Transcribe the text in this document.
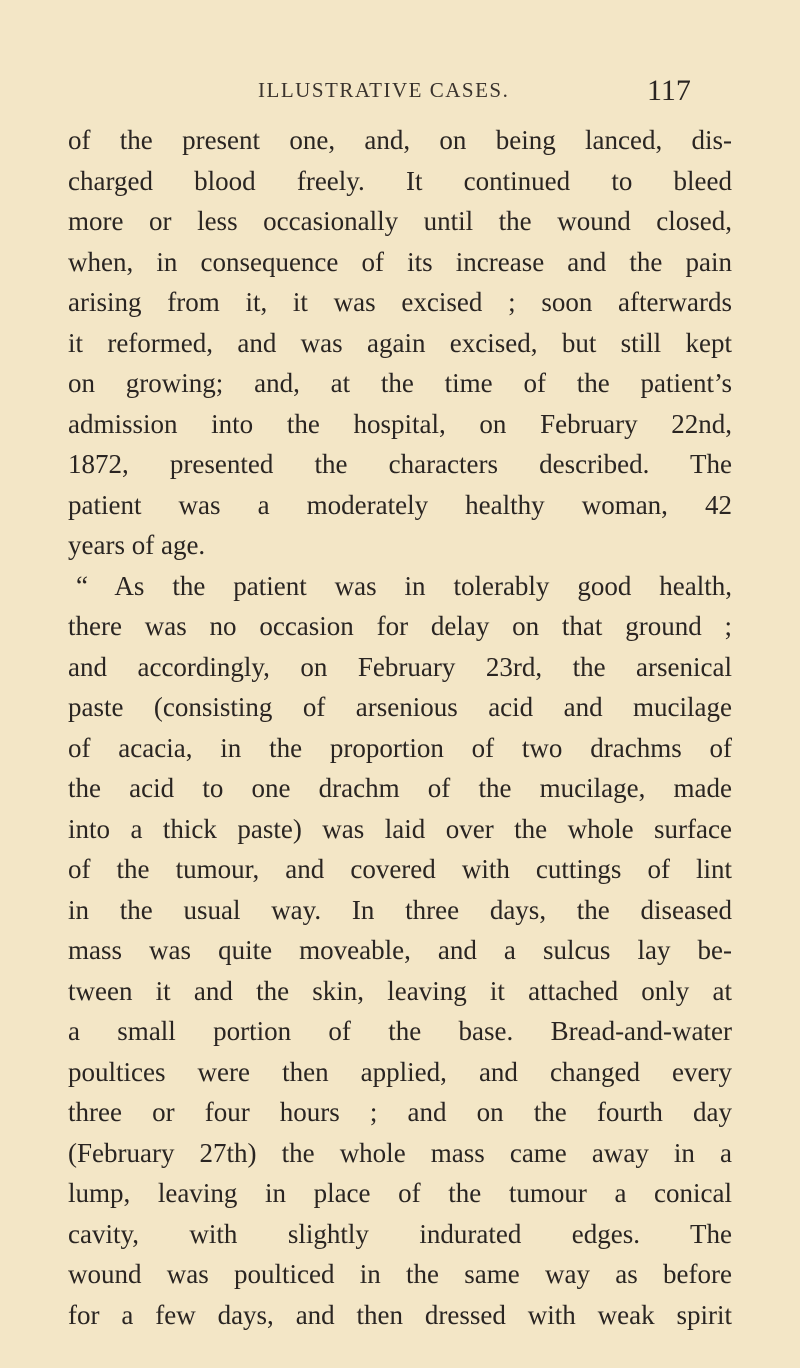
ILLUSTRATIVE CASES.	117
of the present one, and, on being lanced, dis-
charged blood freely. It continued to bleed
more or less occasionally until the wound closed,
when, in consequence of its increase and the pain
arising from it, it was excised ; soon afterwards
it reformed, and was again excised, but still kept
on growing; and, at the time of the patient’s
admission into the hospital, on February 22nd,
1872, presented the characters described. The
patient was a moderately healthy woman, 42
years of age.
“ As the patient was in tolerably good health,
there was no occasion for delay on that ground ;
and accordingly, on February 23rd, the arsenical
paste (consisting of arsenious acid and mucilage
of acacia, in the proportion of two drachms of
the acid to one drachm of the mucilage, made
into a thick paste) was laid over the whole surface
of the tumour, and covered with cuttings of lint
in the usual way. In three days, the diseased
mass was quite moveable, and a sulcus lay be-
tween it and the skin, leaving it attached only at
a small portion of the base. Bread-and-water
poultices were then applied, and changed every
three or four hours ; and on the fourth day
(February 27th) the whole mass came away in a
lump, leaving in place of the tumour a conical
cavity, with slightly indurated edges. The
wound was poulticed in the same way as before
for a few days, and then dressed with weak spirit
